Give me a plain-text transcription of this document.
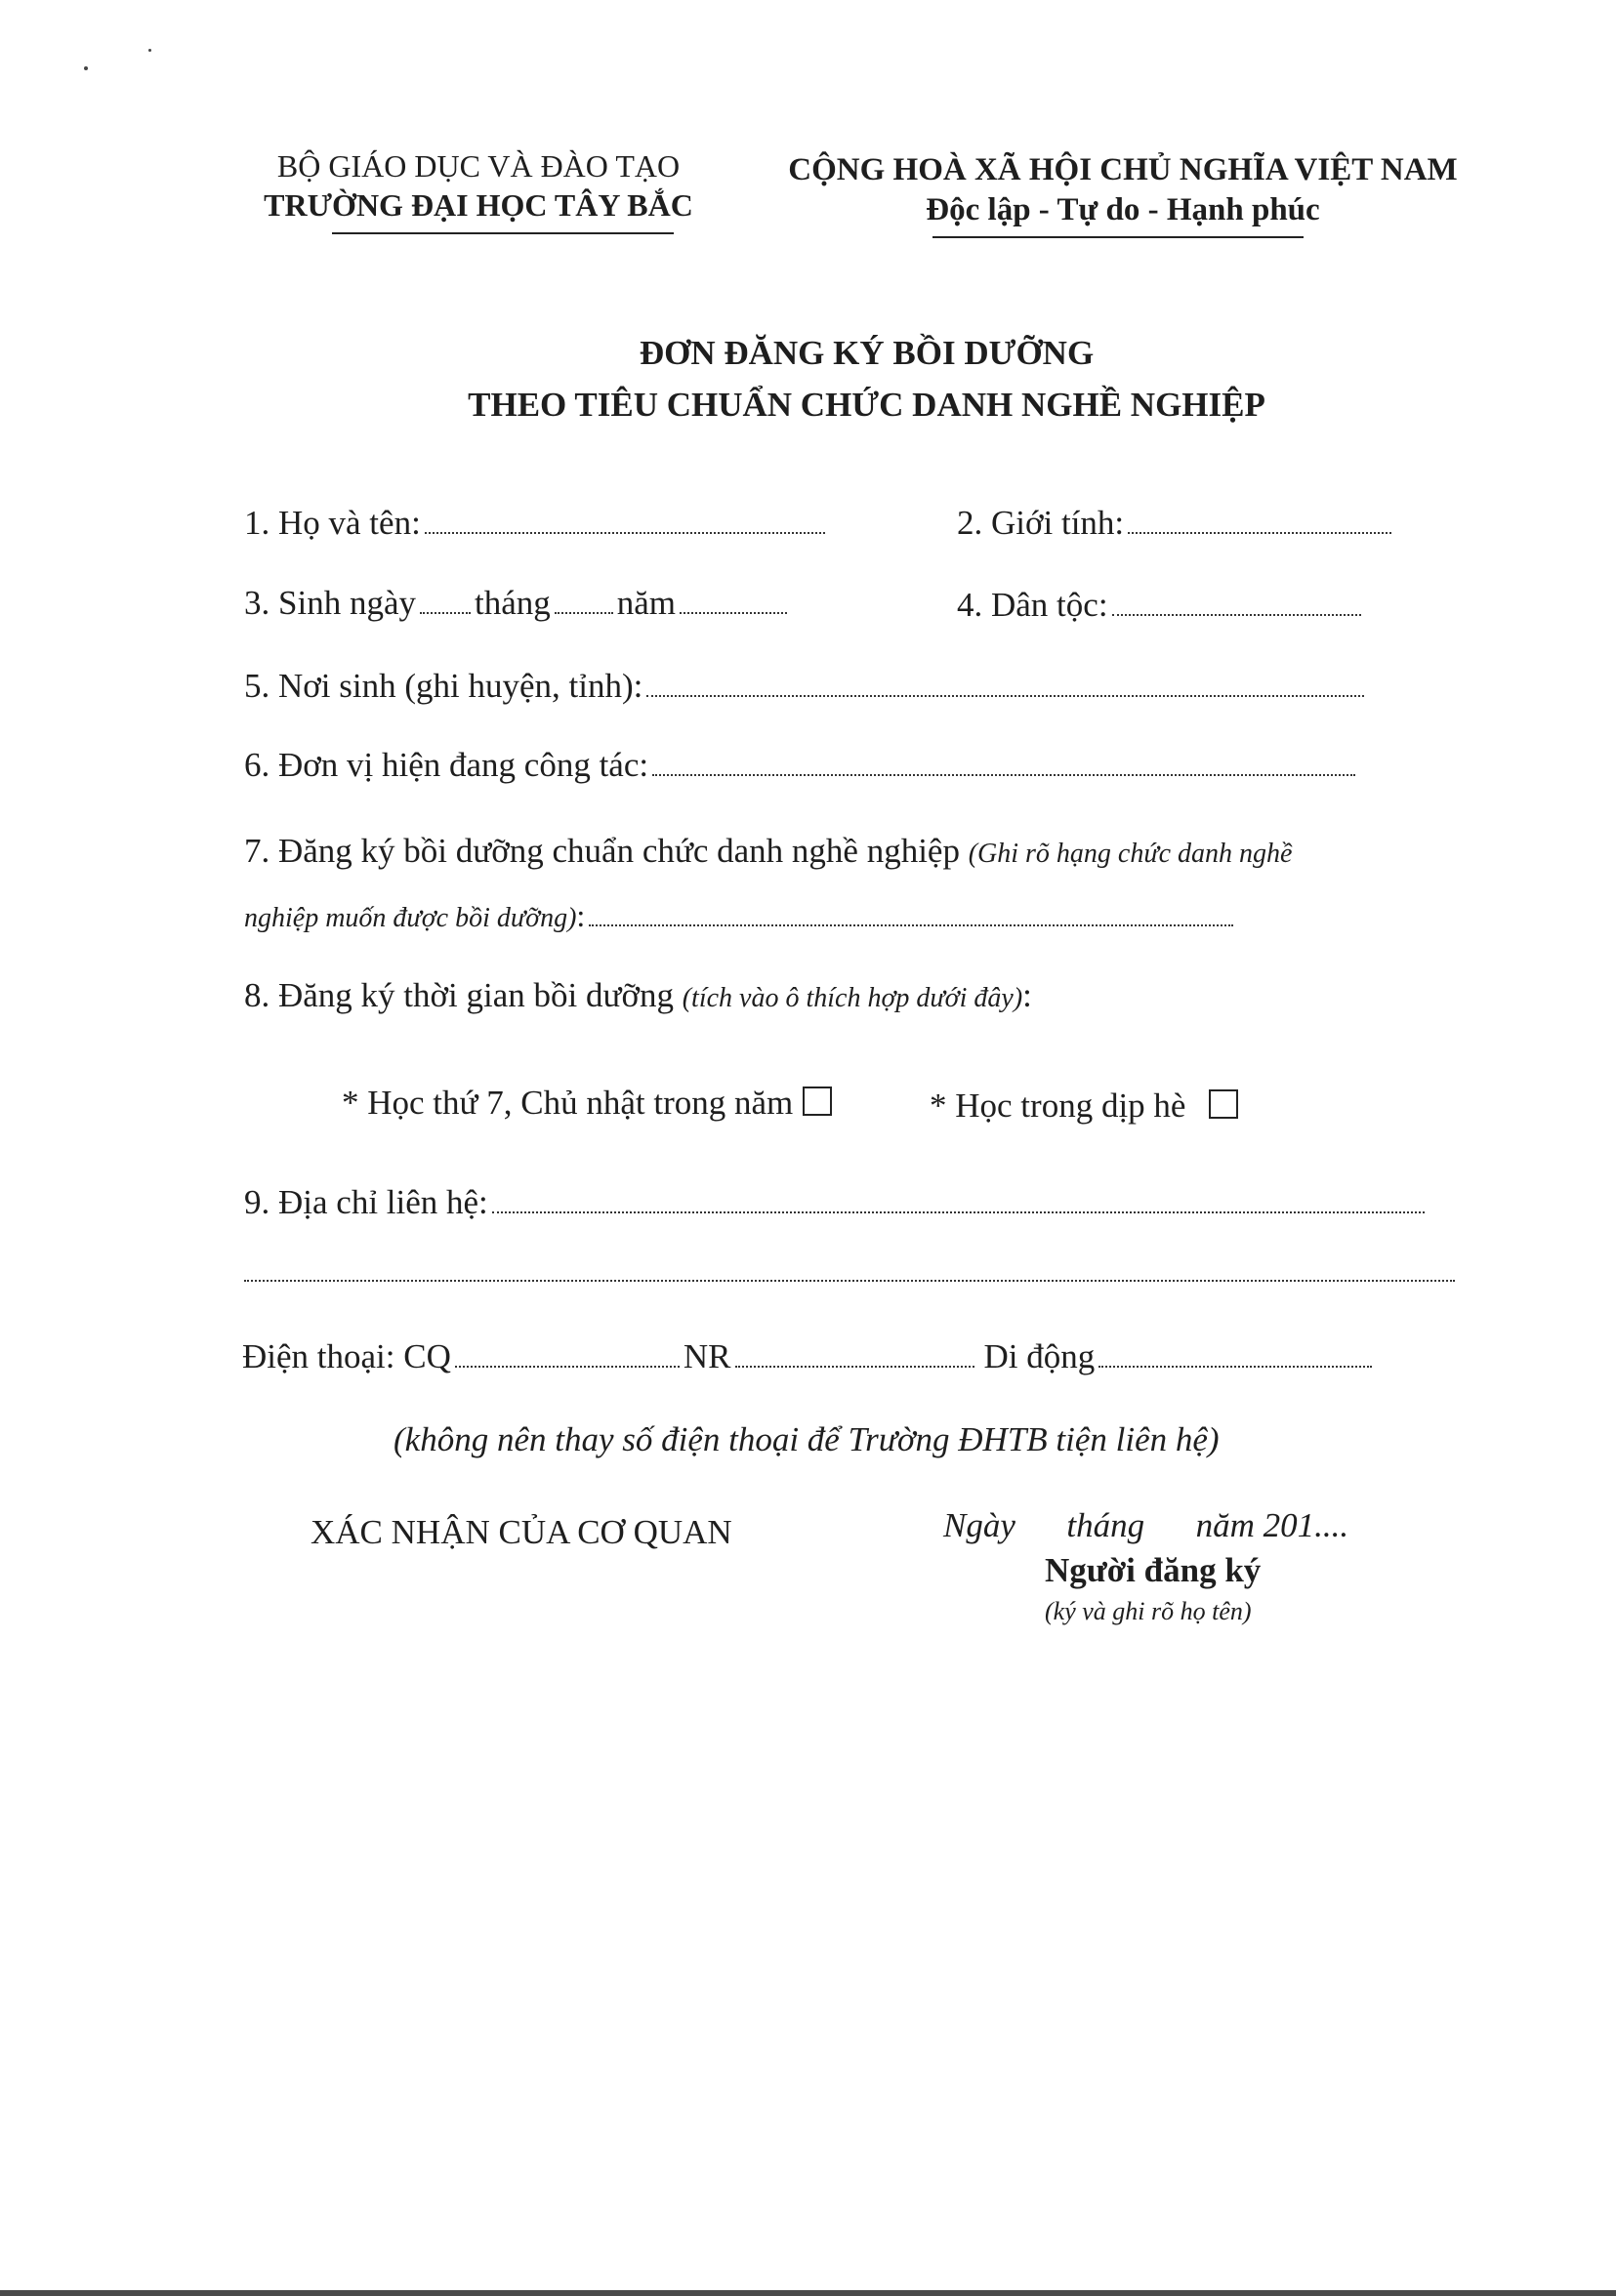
BỘ GIÁO DỤC VÀ ĐÀO TẠO
TRƯỜNG ĐẠI HỌC TÂY BẮC
CỘNG HOÀ XÃ HỘI CHỦ NGHĨA VIỆT NAM
Độc lập - Tự do - Hạnh phúc
ĐƠN ĐĂNG KÝ BỒI DƯỠNG
THEO TIÊU CHUẨN CHỨC DANH NGHỀ NGHIỆP
1. Họ và tên:	2. Giới tính:
3. Sinh ngày tháng năm	4. Dân tộc:
5. Nơi sinh (ghi huyện, tỉnh):
6. Đơn vị hiện đang công tác:
7. Đăng ký bồi dưỡng chuẩn chức danh nghề nghiệp (Ghi rõ hạng chức danh nghề
nghiệp muốn được bồi dưỡng):
8. Đăng ký thời gian bồi dưỡng (tích vào ô thích hợp dưới đây):
* Học thứ 7, Chủ nhật trong năm	* Học trong dịp hè
9. Địa chỉ liên hệ:
Điện thoại: CQ	NR	Di động
(không nên thay số điện thoại để Trường ĐHTB tiện liên hệ)
XÁC NHẬN CỦA CƠ QUAN	Ngày      tháng      năm 201....
Người đăng ký
(ký và ghi rõ họ tên)
